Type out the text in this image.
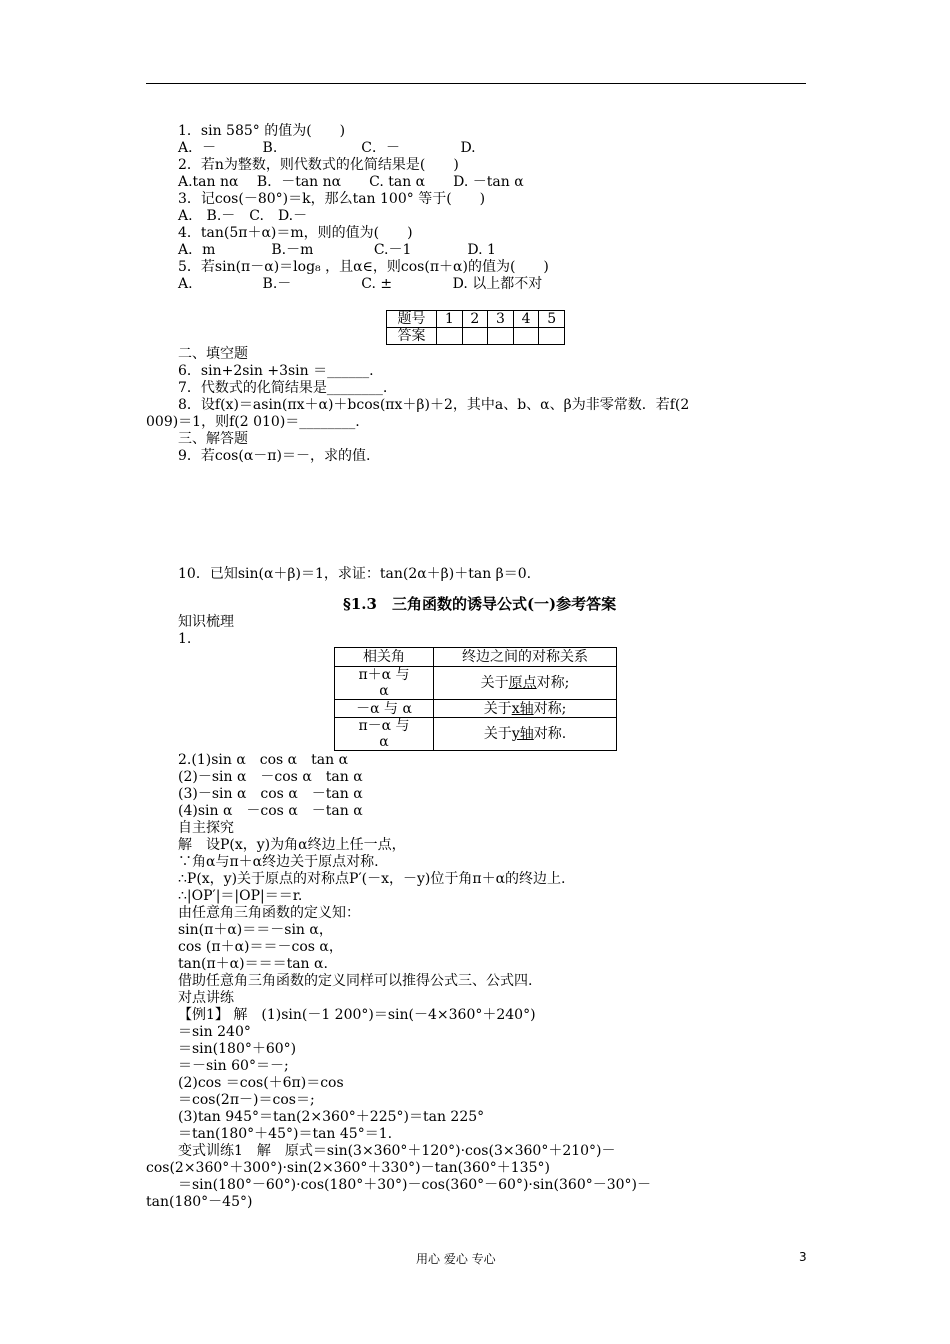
1．sin 585° 的值为(　　)
A．－　　　 B.　　　　　　C．－　　　　 D.
2．若n为整数，则代数式的化简结果是(　　)
A.tan nα　 B．－tan nα　　C. tan α　　D. －tan α
3．记cos(－80°)＝k，那么tan 100° 等于(　　)
A.　B.－　C.　D.－
4．tan(5π＋α)＝m，则的值为(　　)
A．m　　　　B.－m　　　　 C.－1　　　　D. 1
5．若sin(π－α)＝log₈ ，且α∈，则cos(π＋α)的值为(　　)
A.　　　　　B.－　　　　　C. ±　　　　 D. 以上都不对
题号	1	2	3	4	5
答案					
二、填空题
6．sin+2sin +3sin ＝______.
7．代数式的化简结果是________.
8．设f(x)＝asin(πx＋α)＋bcos(πx＋β)＋2，其中a、b、α、β为非零常数．若f(2
009)＝1，则f(2 010)＝________.
三、解答题
9．若cos(α－π)＝－，求的值.
10．已知sin(α＋β)＝1，求证：tan(2α＋β)＋tan β＝0.
§1.3　三角函数的诱导公式(一)参考答案
知识梳理
1.
相关角	终边之间的对称关系

π＋α 与
α	关于原点对称;

－α 与 α	关于x轴对称;

π－α 与
α	关于y轴对称.
2.(1)sin α　cos α　tan α
(2)－sin α　－cos α　tan α
(3)－sin α　cos α　－tan α
(4)sin α　－cos α　－tan α
自主探究
解　设P(x，y)为角α终边上任一点，
∵角α与π＋α终边关于原点对称.
∴P(x，y)关于原点的对称点P′(－x，－y)位于角π＋α的终边上.
∴|OP′|＝|OP|＝＝r.
由任意角三角函数的定义知：
sin(π＋α)＝＝－sin α，
cos (π＋α)＝＝－cos α，
tan(π＋α)＝＝＝tan α.
借助任意角三角函数的定义同样可以推得公式三、公式四.
对点讲练
【例1】 解　(1)sin(－1 200°)＝sin(－4×360°＋240°)
＝sin 240°
＝sin(180°＋60°)
＝－sin 60°＝－;
(2)cos ＝cos(＋6π)＝cos
＝cos(2π－)＝cos＝;
(3)tan 945°＝tan(2×360°＋225°)＝tan 225°
＝tan(180°＋45°)＝tan 45°＝1.
变式训练1　解　原式＝sin(3×360°＋120°)·cos(3×360°＋210°)－
cos(2×360°＋300°)·sin(2×360°＋330°)－tan(360°＋135°)
＝sin(180°－60°)·cos(180°＋30°)－cos(360°－60°)·sin(360°－30°)－
tan(180°－45°)
用心 爱心 专心	3
